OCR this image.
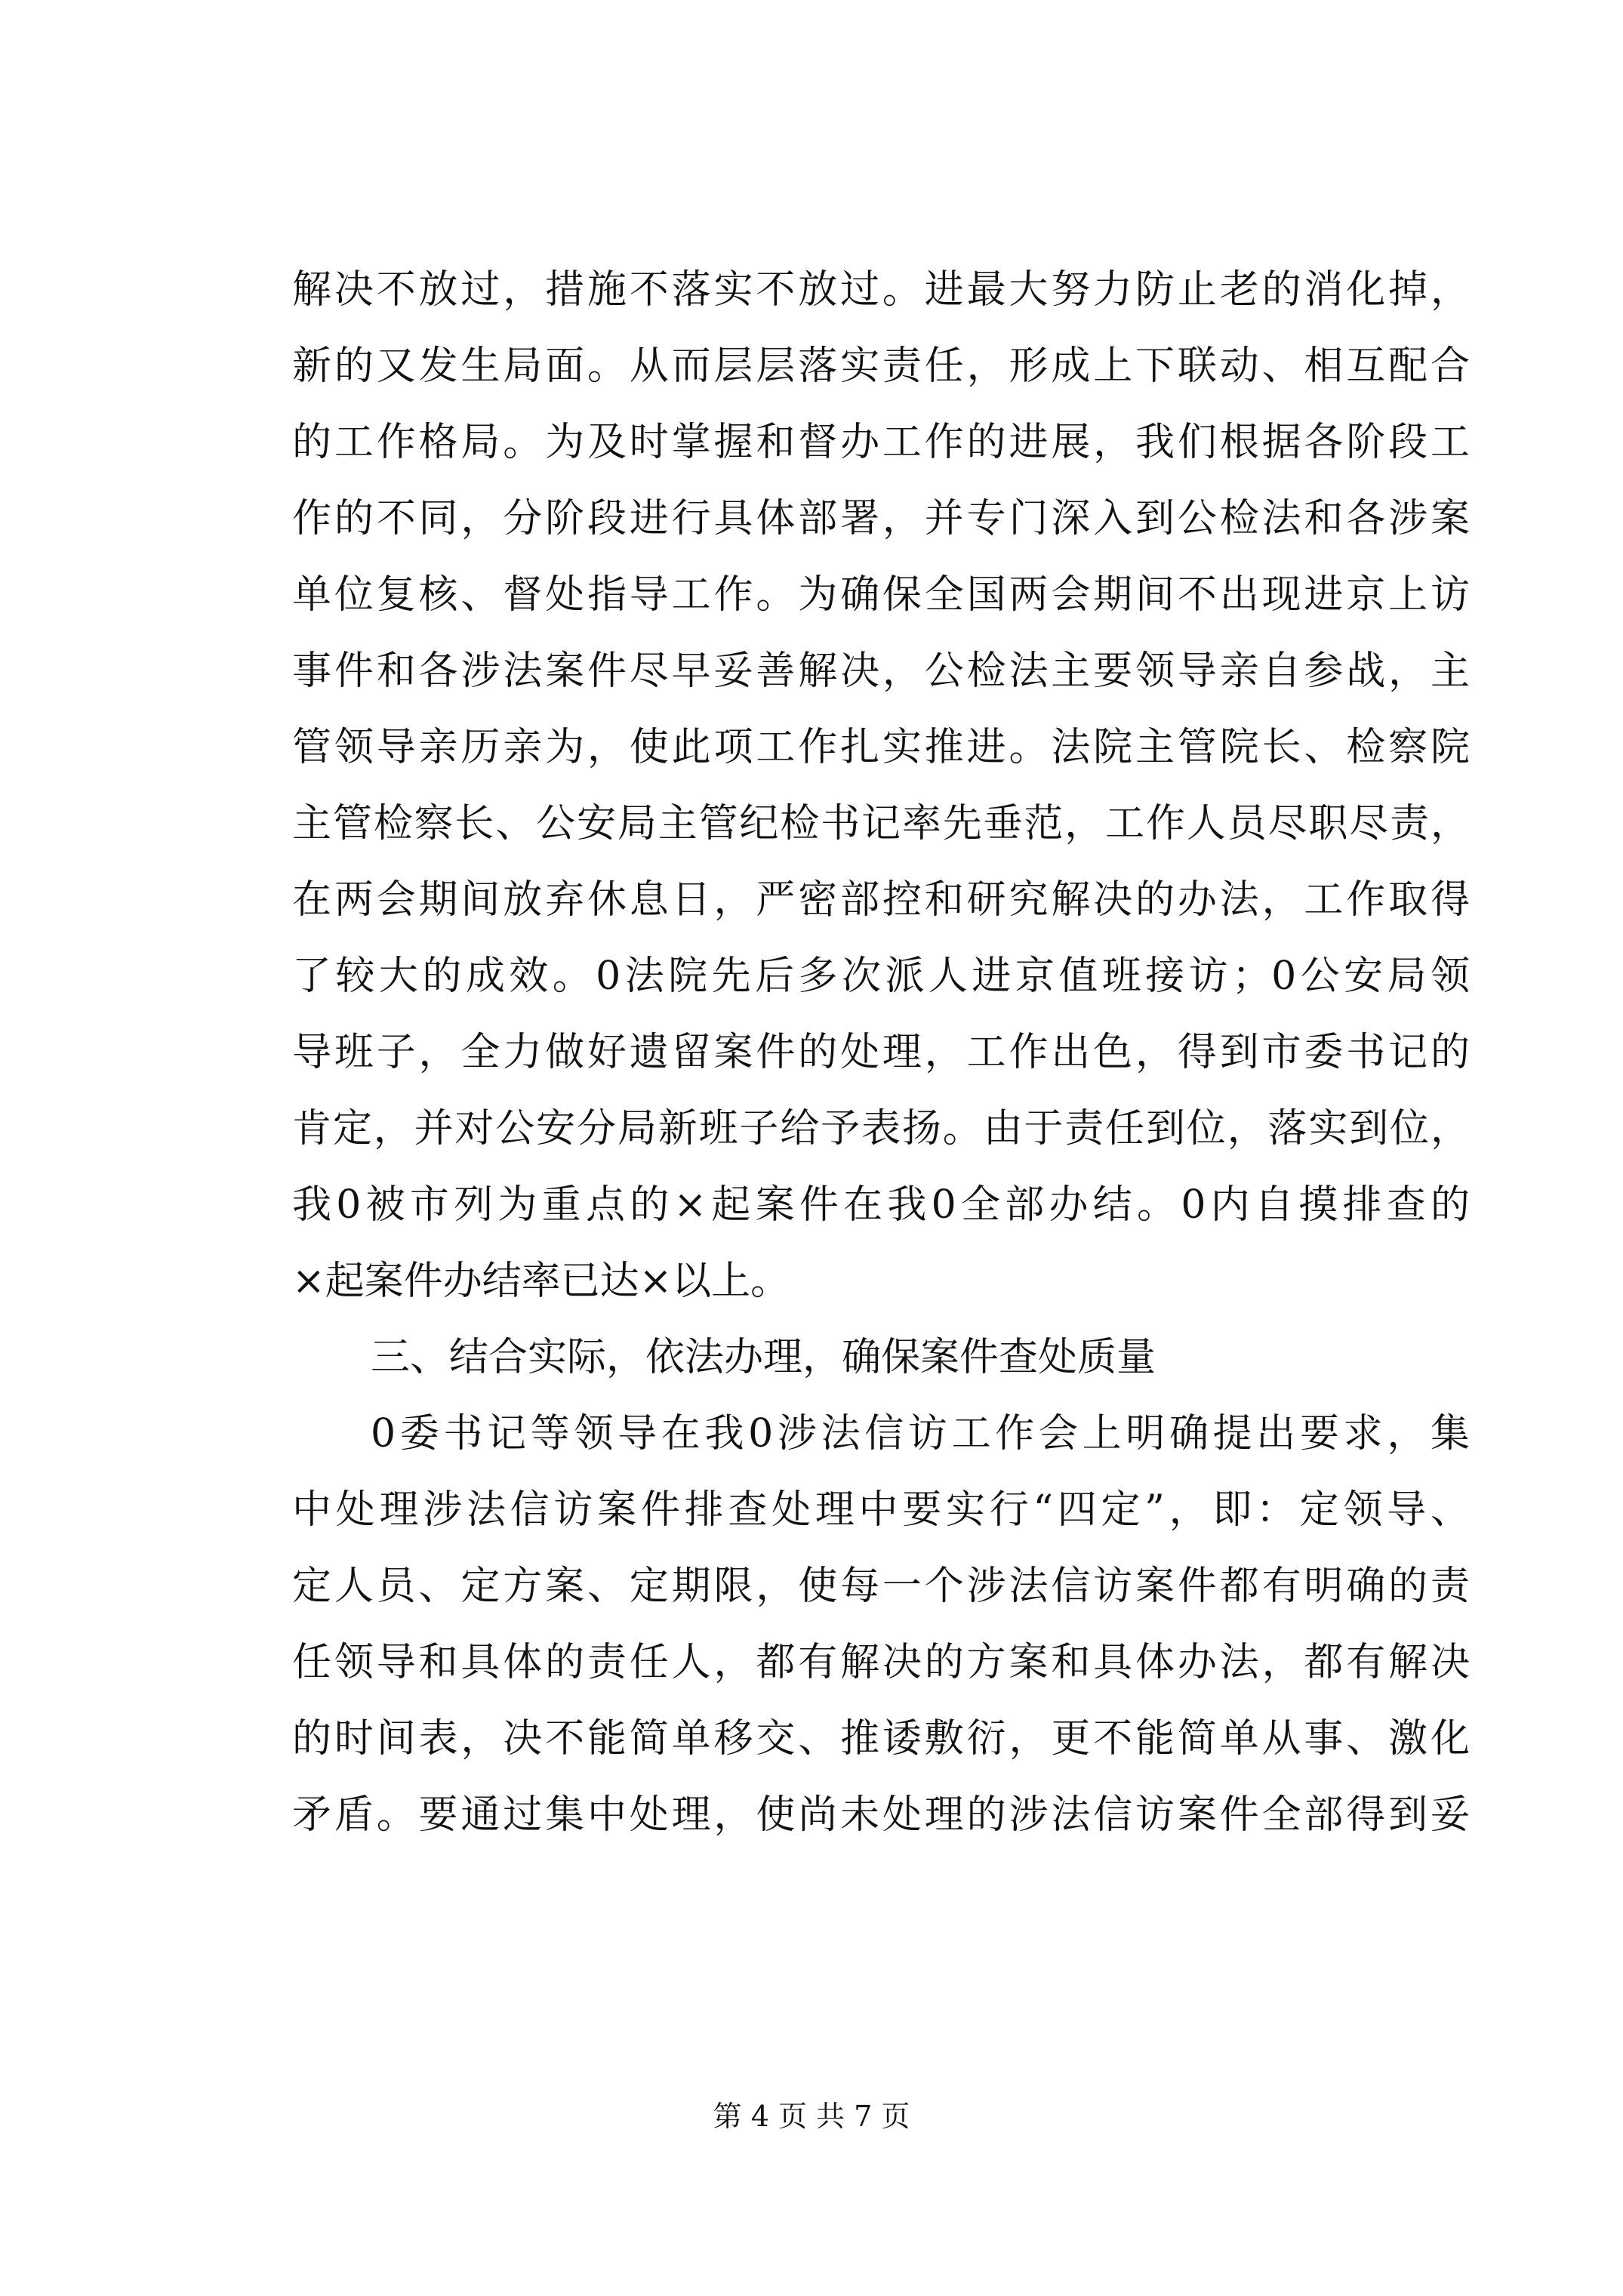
解决不放过，措施不落实不放过。进最大努力防止老的消化掉，
新的又发生局面。从而层层落实责任，形成上下联动、相互配合
的工作格局。为及时掌握和督办工作的进展，我们根据各阶段工
作的不同，分阶段进行具体部署，并专门深入到公检法和各涉案
单位复核、督处指导工作。为确保全国两会期间不出现进京上访
事件和各涉法案件尽早妥善解决，公检法主要领导亲自参战，主
管领导亲历亲为，使此项工作扎实推进。法院主管院长、检察院
主管检察长、公安局主管纪检书记率先垂范，工作人员尽职尽责，
在两会期间放弃休息日，严密部控和研究解决的办法，工作取得
了较大的成效。0法院先后多次派人进京值班接访；0公安局领
导班子，全力做好遗留案件的处理，工作出色，得到市委书记的
肯定，并对公安分局新班子给予表扬。由于责任到位，落实到位，
我0被市列为重点的×起案件在我0全部办结。0内自摸排查的
×起案件办结率已达×以上。
三、结合实际，依法办理，确保案件查处质量
0委书记等领导在我0涉法信访工作会上明确提出要求，集
中处理涉法信访案件排查处理中要实行“四定”，即：定领导、
定人员、定方案、定期限，使每一个涉法信访案件都有明确的责
任领导和具体的责任人，都有解决的方案和具体办法，都有解决
的时间表，决不能简单移交、推诿敷衍，更不能简单从事、激化
矛盾。要通过集中处理，使尚未处理的涉法信访案件全部得到妥
第 4 页 共 7 页
